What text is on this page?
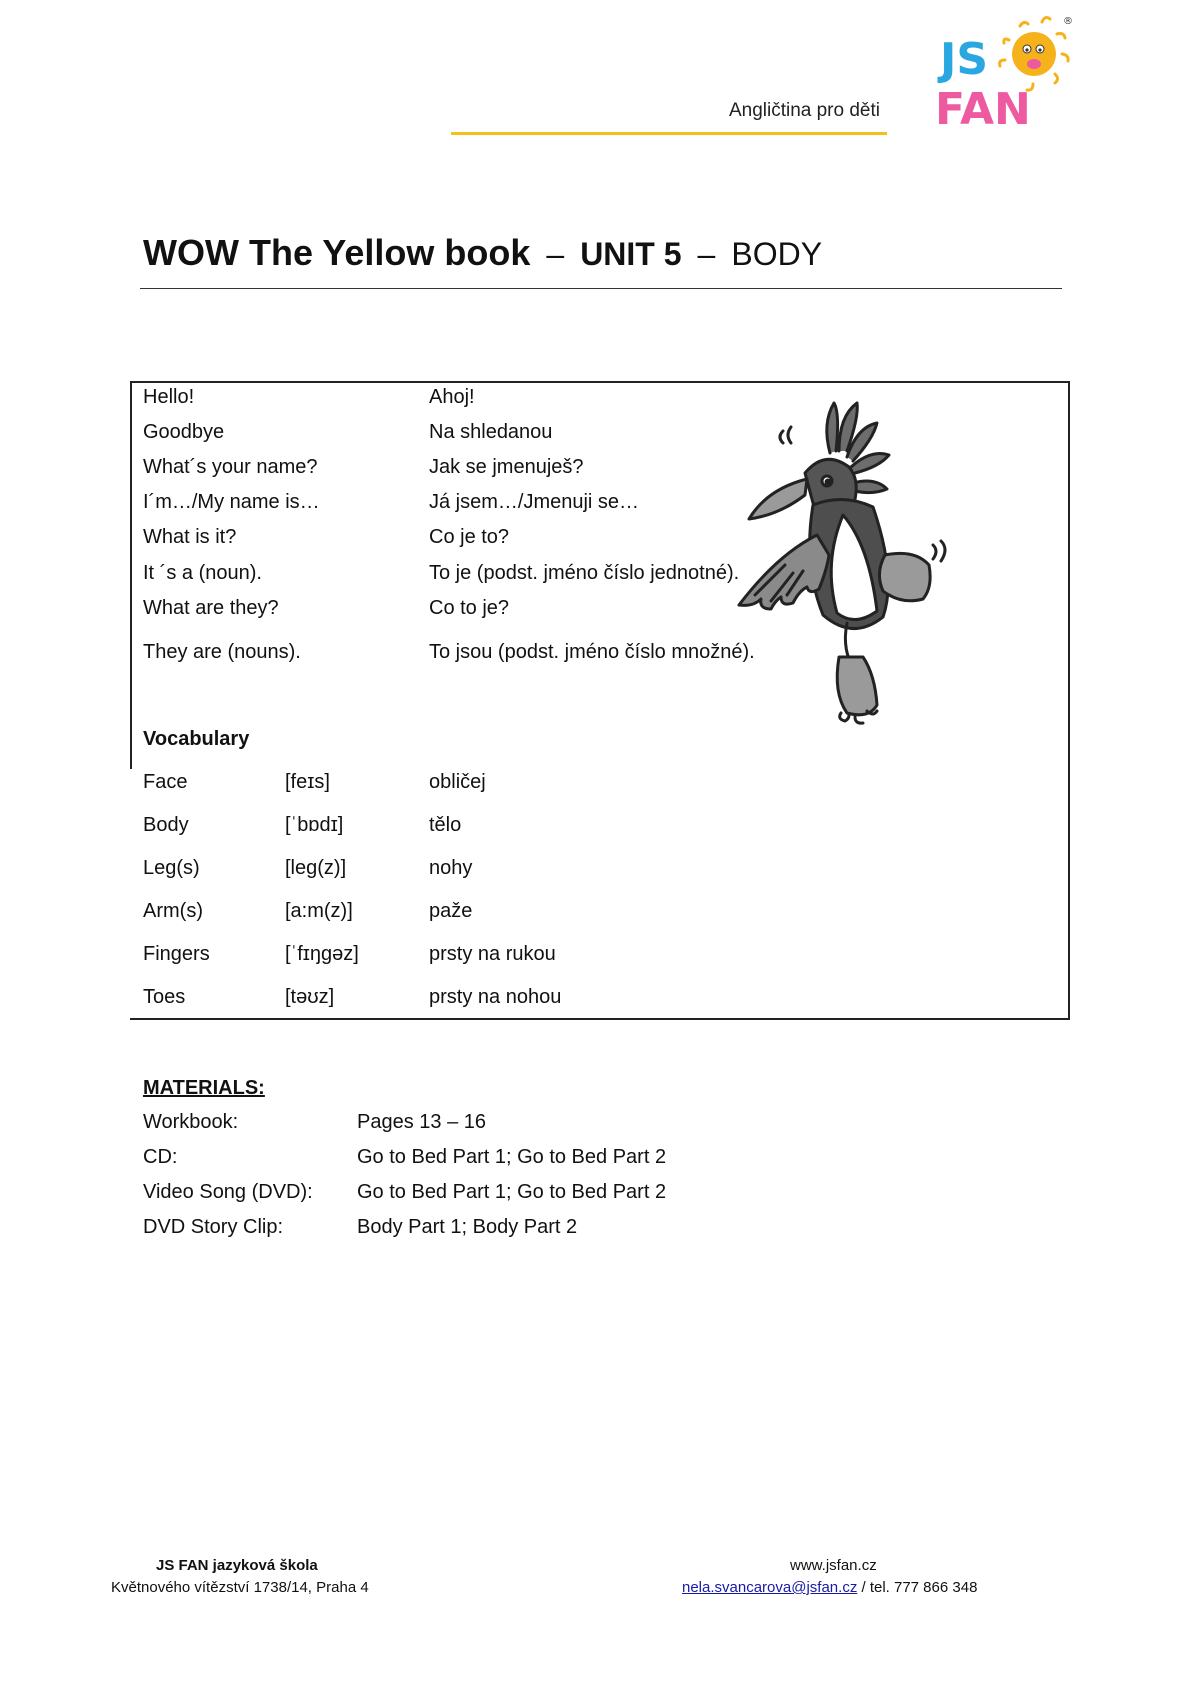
Angličtina pro děti
JS
FAN
®
WOW The Yellow book – UNIT 5 – BODY
Hello!	Ahoj!
Goodbye	Na shledanou
What´s your name?	Jak se jmenuješ?
I´m…/My name is…	Já jsem…/Jmenuji se…
What is it?	Co je to?
It ´s a (noun).	To je (podst. jméno číslo jednotné).
What are they?	Co to je?
They are (nouns).	To jsou (podst. jméno číslo množné).
Vocabulary
Face	[feɪs]	obličej
Body	[ˈbɒdɪ]	tělo
Leg(s)	[leg(z)]	nohy
Arm(s)	[a:m(z)]	paže
Fingers	[ˈfɪŋgəz]	prsty na rukou
Toes	[təʊz]	prsty na nohou
MATERIALS:
Workbook:	Pages 13 – 16
CD:	Go to Bed Part 1; Go to Bed Part 2
Video Song (DVD): Go to Bed Part 1; Go to Bed Part 2
DVD Story Clip:	Body Part 1; Body Part 2
JS FAN jazyková škola
Květnového vítězství 1738/14, Praha 4
www.jsfan.cz
nela.svancarova@jsfan.cz / tel. 777 866 348
